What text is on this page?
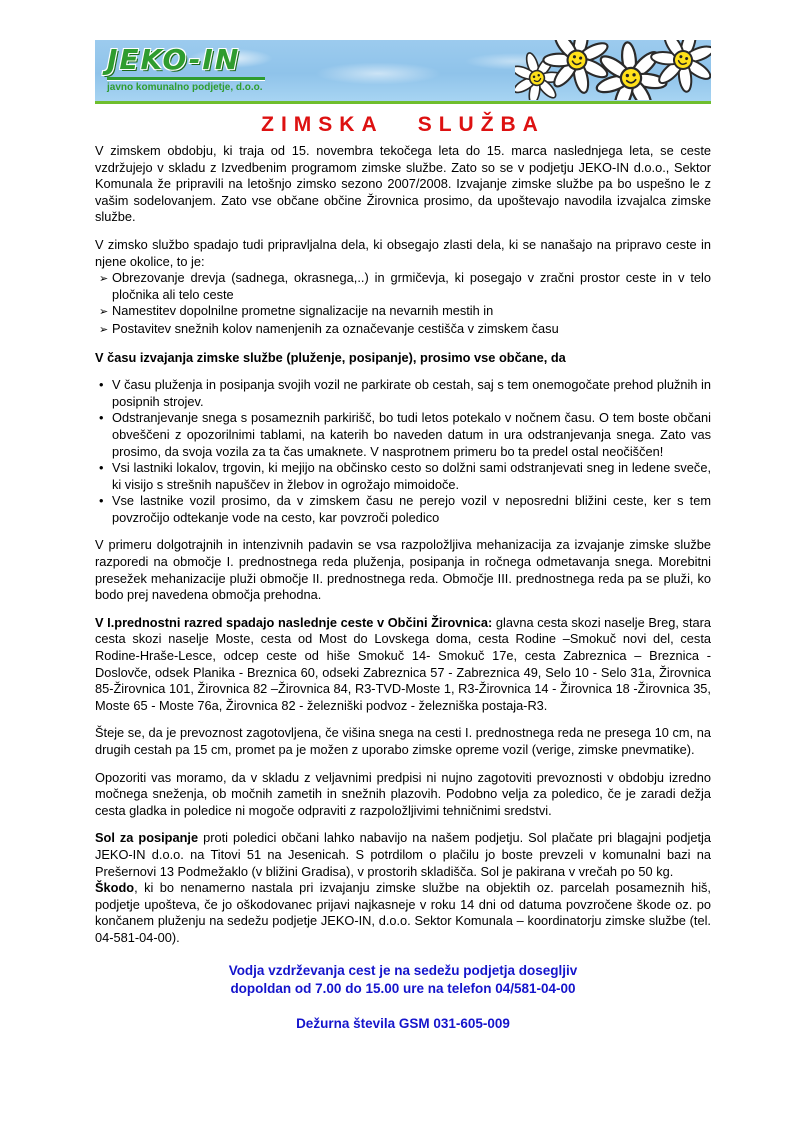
JEKO-IN
javno komunalno podjetje, d.o.o.
ZIMSKA SLUŽBA

V zimskem obdobju, ki traja od 15. novembra tekočega leta do 15. marca naslednjega leta, se ceste vzdržujejo v skladu z Izvedbenim programom zimske službe. Zato so se v podjetju JEKO-IN d.o.o., Sektor Komunala že pripravili na letošnjo zimsko sezono 2007/2008. Izvajanje zimske službe pa bo uspešno le z vašim sodelovanjem. Zato vse občane občine Žirovnica prosimo, da upoštevajo navodila izvajalca zimske službe.

V zimsko službo spadajo tudi pripravljalna dela, ki obsegajo zlasti dela, ki se nanašajo na pripravo ceste in njene okolice, to je:

➢ Obrezovanje drevja (sadnega, okrasnega,..) in grmičevja, ki posegajo v zračni prostor ceste in v telo pločnika ali telo ceste
➢ Namestitev dopolnilne prometne signalizacije na nevarnih mestih in
➢ Postavitev snežnih kolov namenjenih za označevanje cestišča v zimskem času

V času izvajanja zimske službe (pluženje, posipanje), prosimo vse občane, da

• V času pluženja in posipanja svojih vozil ne parkirate ob cestah, saj s tem onemogočate prehod plužnih in posipnih strojev.
• Odstranjevanje snega s posameznih parkirišč, bo tudi letos potekalo v nočnem času. O tem boste občani obveščeni z opozorilnimi tablami, na katerih bo naveden datum in ura odstranjevanja snega. Zato vas prosimo, da svoja vozila za ta čas umaknete. V nasprotnem primeru bo ta predel ostal neočiščen!
• Vsi lastniki lokalov, trgovin, ki mejijo na občinsko cesto so dolžni sami odstranjevati sneg in ledene sveče, ki visijo s strešnih napuščev in žlebov in ogrožajo mimoidoče.
• Vse lastnike vozil prosimo, da v zimskem času ne perejo vozil v neposredni bližini ceste, ker s tem povzročijo odtekanje vode na cesto, kar povzroči poledico

V primeru dolgotrajnih in intenzivnih padavin se vsa razpoložljiva mehanizacija za izvajanje zimske službe razporedi na območje I. prednostnega reda pluženja, posipanja in ročnega odmetavanja snega. Morebitni presežek mehanizacije pluži območje II. prednostnega reda. Območje III. prednostnega reda pa se pluži, ko bodo prej navedena območja prehodna.

V I.prednostni razred spadajo naslednje ceste v Občini Žirovnica: glavna cesta skozi naselje Breg, stara cesta skozi naselje Moste, cesta od Most do Lovskega doma, cesta Rodine –Smokuč novi del, cesta Rodine-Hraše-Lesce, odcep ceste od hiše Smokuč 14- Smokuč 17e, cesta Zabreznica – Breznica - Doslovče, odsek Planika - Breznica 60, odseki Zabreznica 57 - Zabreznica 49, Selo 10 - Selo 31a, Žirovnica 85-Žirovnica 101, Žirovnica 82 –Žirovnica 84, R3-TVD-Moste 1, R3-Žirovnica 14 - Žirovnica 18 -Žirovnica 35, Moste 65 - Moste 76a, Žirovnica 82 - železniški podvoz - železniška postaja-R3.

Šteje se, da je prevoznost zagotovljena, če višina snega na cesti I. prednostnega reda ne presega 10 cm, na drugih cestah pa 15 cm, promet pa je možen z uporabo zimske opreme vozil (verige, zimske pnevmatike).

Opozoriti vas moramo, da v skladu z veljavnimi predpisi ni nujno zagotoviti prevoznosti v obdobju izredno močnega sneženja, ob močnih zametih in snežnih plazovih. Podobno velja za poledico, če je zaradi dežja cesta gladka in poledice ni mogoče odpraviti z razpoložljivimi tehničnimi sredstvi.

Sol za posipanje proti poledici občani lahko nabavijo na našem podjetju. Sol plačate pri blagajni podjetja JEKO-IN d.o.o. na Titovi 51 na Jesenicah. S potrdilom o plačilu jo boste prevzeli v komunalni bazi na Prešernovi 13 Podmežaklo (v bližini Gradisa), v prostorih skladišča. Sol je pakirana v vrečah po 50 kg.

Škodo, ki bo nenamerno nastala pri izvajanju zimske službe na objektih oz. parcelah posameznih hiš, podjetje upošteva, če jo oškodovanec prijavi najkasneje v roku 14 dni od datuma povzročene škode oz. po končanem pluženju na sedežu podjetje JEKO-IN, d.o.o. Sektor Komunala – koordinatorju zimske službe (tel. 04-581-04-00).

Vodja vzdrževanja cest je na sedežu podjetja dosegljiv
dopoldan od 7.00 do 15.00 ure na telefon 04/581-04-00
Dežurna števila GSM 031-605-009
